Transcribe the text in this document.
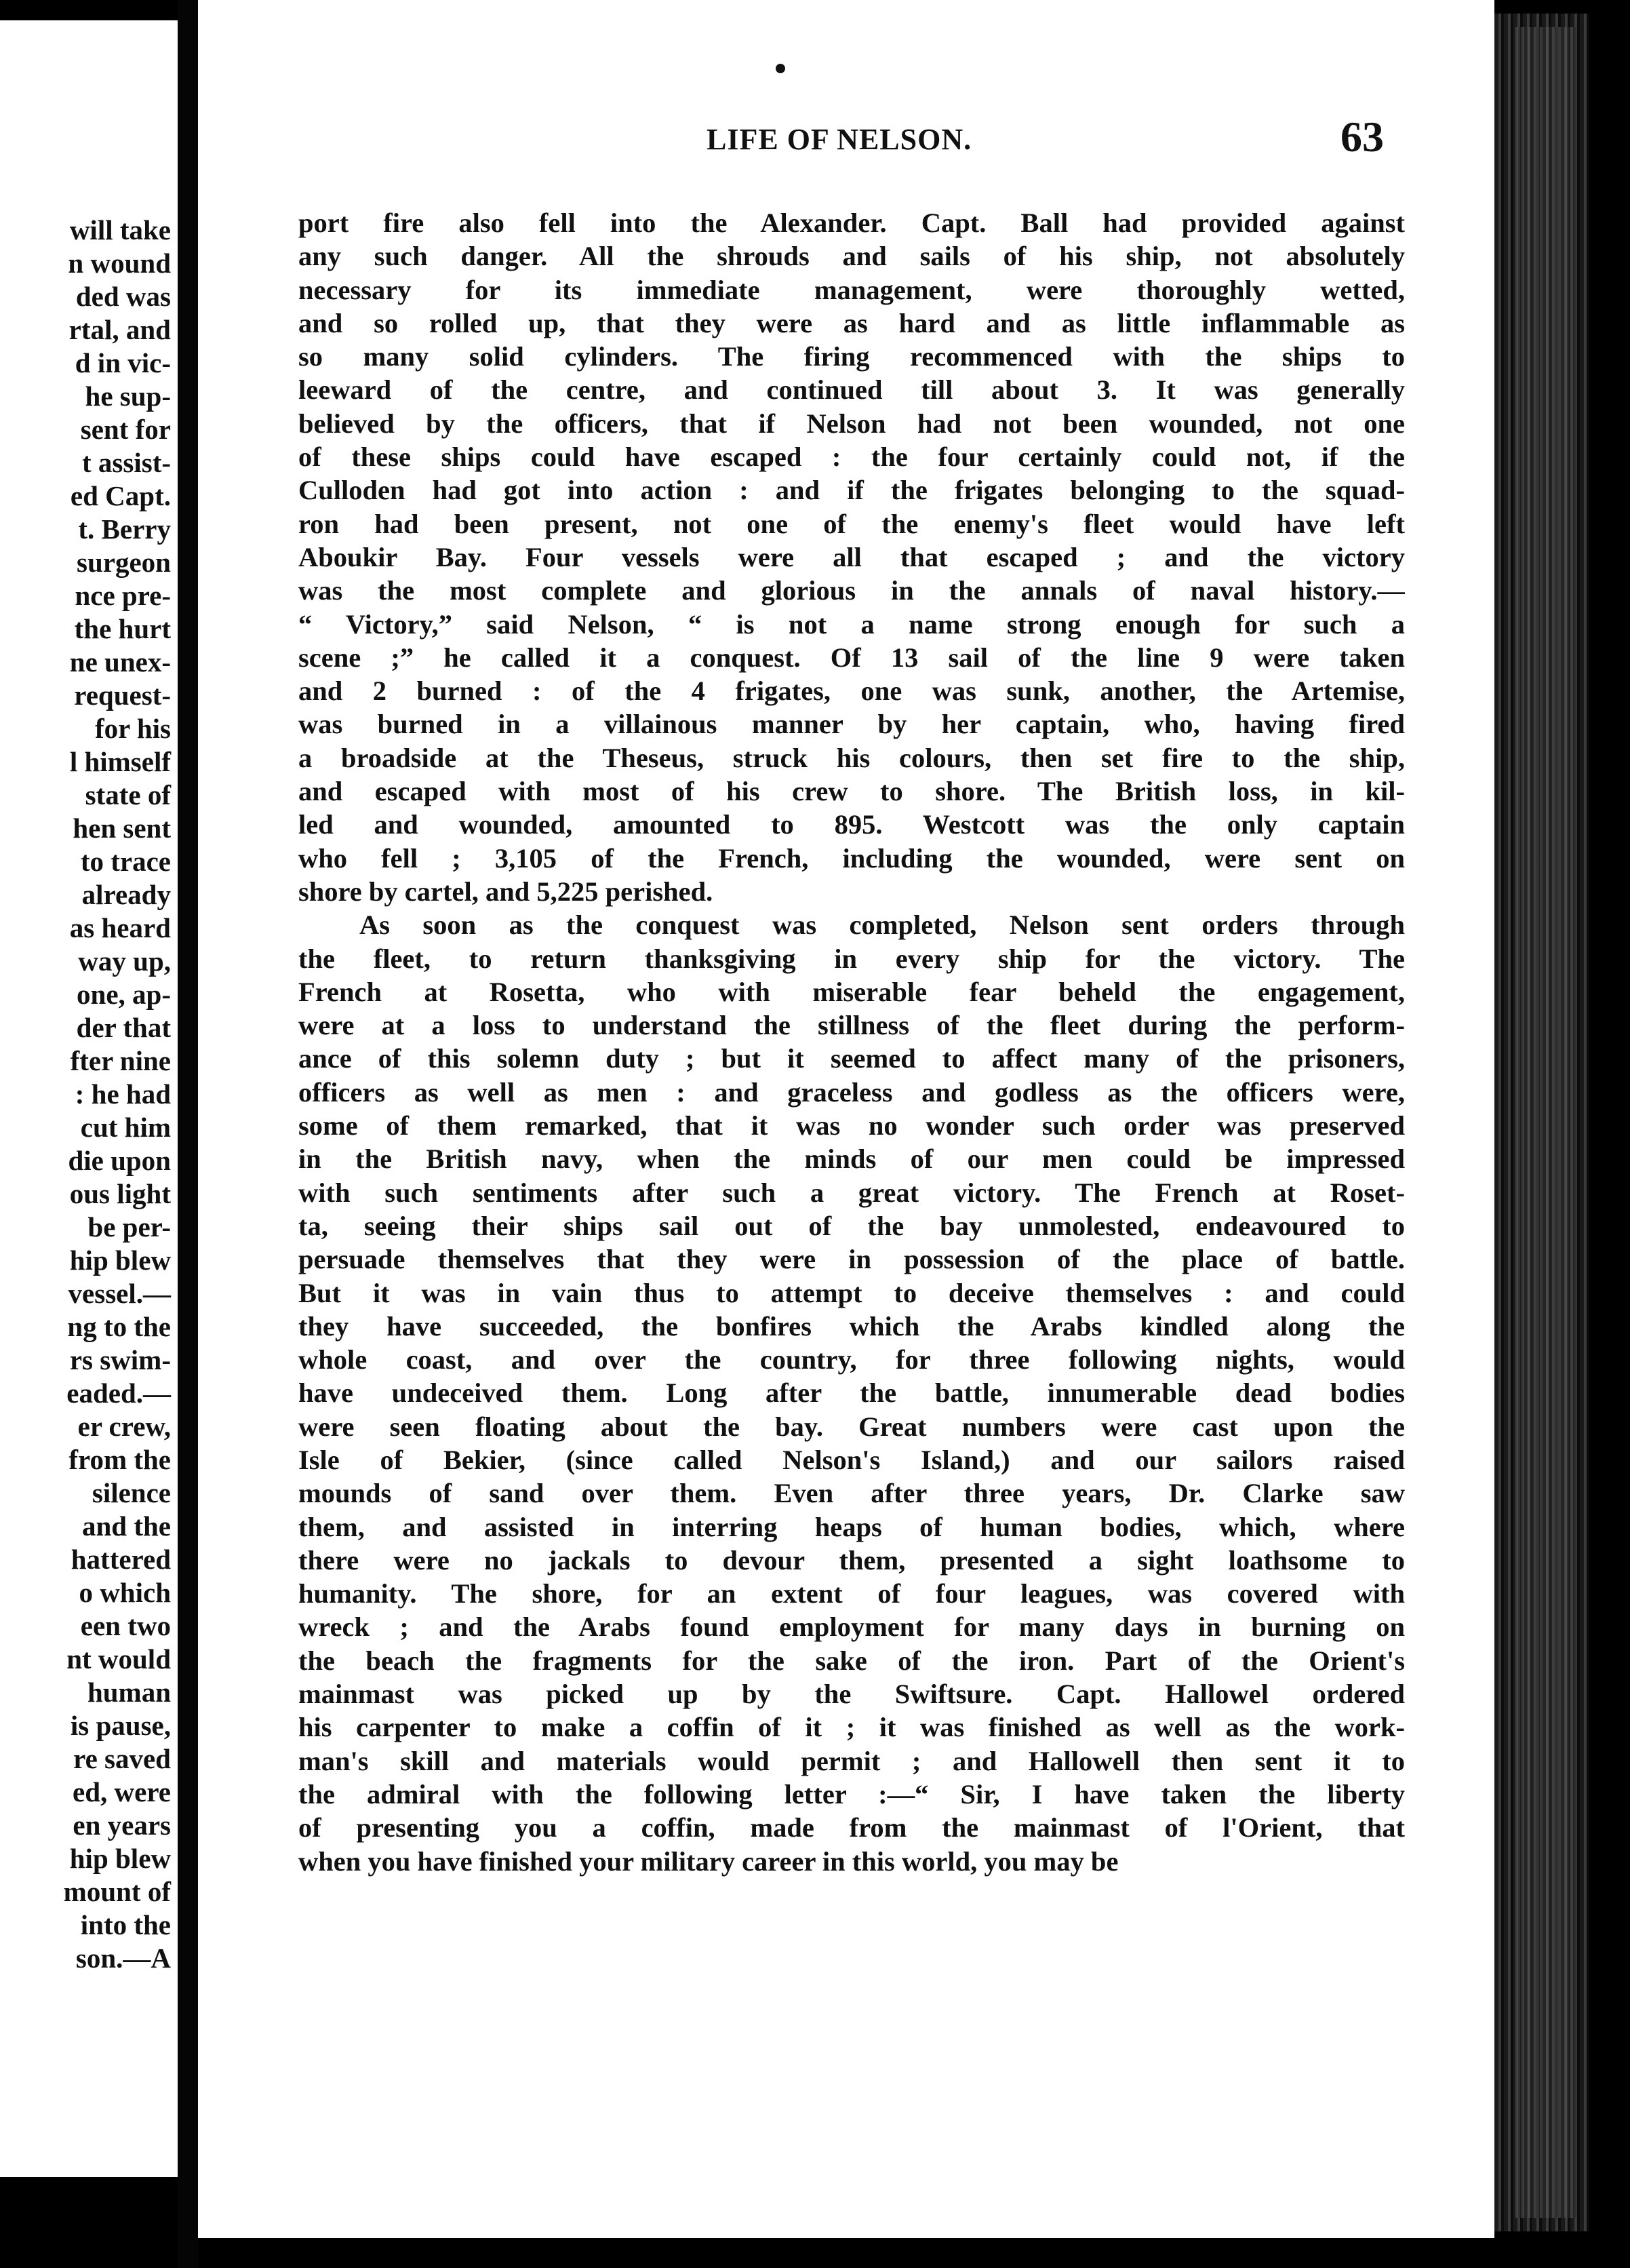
will take
n wound
ded was
rtal, and
d in vic-
he sup-
sent for
t assist-
ed Capt.
t. Berry
surgeon
nce pre-
the hurt
ne unex-
request-
for his
l himself
state of
hen sent
to trace
already
as heard
way up,
one, ap-
der that
fter nine
: he had
cut him
die upon
ous light
be per-
hip blew
vessel.—
ng to the
rs swim-
eaded.—
er crew,
from the
silence
and the
hattered
o which
een two
nt would
human
is pause,
re saved
ed, were
en years
hip blew
mount of
into the
son.—A
LIFE OF NELSON.	63
port fire also fell into the Alexander. Capt. Ball had provided against
any such danger. All the shrouds and sails of his ship, not absolutely
necessary for its immediate management, were thoroughly wetted,
and so rolled up, that they were as hard and as little inflammable as
so many solid cylinders. The firing recommenced with the ships to
leeward of the centre, and continued till about 3. It was generally
believed by the officers, that if Nelson had not been wounded, not one
of these ships could have escaped : the four certainly could not, if the
Culloden had got into action : and if the frigates belonging to the squad-
ron had been present, not one of the enemy's fleet would have left
Aboukir Bay. Four vessels were all that escaped ; and the victory
was the most complete and glorious in the annals of naval history.—
“ Victory,” said Nelson, “ is not a name strong enough for such a
scene ;” he called it a conquest. Of 13 sail of the line 9 were taken
and 2 burned : of the 4 frigates, one was sunk, another, the Artemise,
was burned in a villainous manner by her captain, who, having fired
a broadside at the Theseus, struck his colours, then set fire to the ship,
and escaped with most of his crew to shore. The British loss, in kil-
led and wounded, amounted to 895. Westcott was the only captain
who fell ; 3,105 of the French, including the wounded, were sent on
shore by cartel, and 5,225 perished.
As soon as the conquest was completed, Nelson sent orders through
the fleet, to return thanksgiving in every ship for the victory. The
French at Rosetta, who with miserable fear beheld the engagement,
were at a loss to understand the stillness of the fleet during the perform-
ance of this solemn duty ; but it seemed to affect many of the prisoners,
officers as well as men : and graceless and godless as the officers were,
some of them remarked, that it was no wonder such order was preserved
in the British navy, when the minds of our men could be impressed
with such sentiments after such a great victory. The French at Roset-
ta, seeing their ships sail out of the bay unmolested, endeavoured to
persuade themselves that they were in possession of the place of battle.
But it was in vain thus to attempt to deceive themselves : and could
they have succeeded, the bonfires which the Arabs kindled along the
whole coast, and over the country, for three following nights, would
have undeceived them. Long after the battle, innumerable dead bodies
were seen floating about the bay. Great numbers were cast upon the
Isle of Bekier, (since called Nelson's Island,) and our sailors raised
mounds of sand over them. Even after three years, Dr. Clarke saw
them, and assisted in interring heaps of human bodies, which, where
there were no jackals to devour them, presented a sight loathsome to
humanity. The shore, for an extent of four leagues, was covered with
wreck ; and the Arabs found employment for many days in burning on
the beach the fragments for the sake of the iron. Part of the Orient's
mainmast was picked up by the Swiftsure. Capt. Hallowel ordered
his carpenter to make a coffin of it ; it was finished as well as the work-
man's skill and materials would permit ; and Hallowell then sent it to
the admiral with the following letter :—“ Sir, I have taken the liberty
of presenting you a coffin, made from the mainmast of l'Orient, that
when you have finished your military career in this world, you may be
